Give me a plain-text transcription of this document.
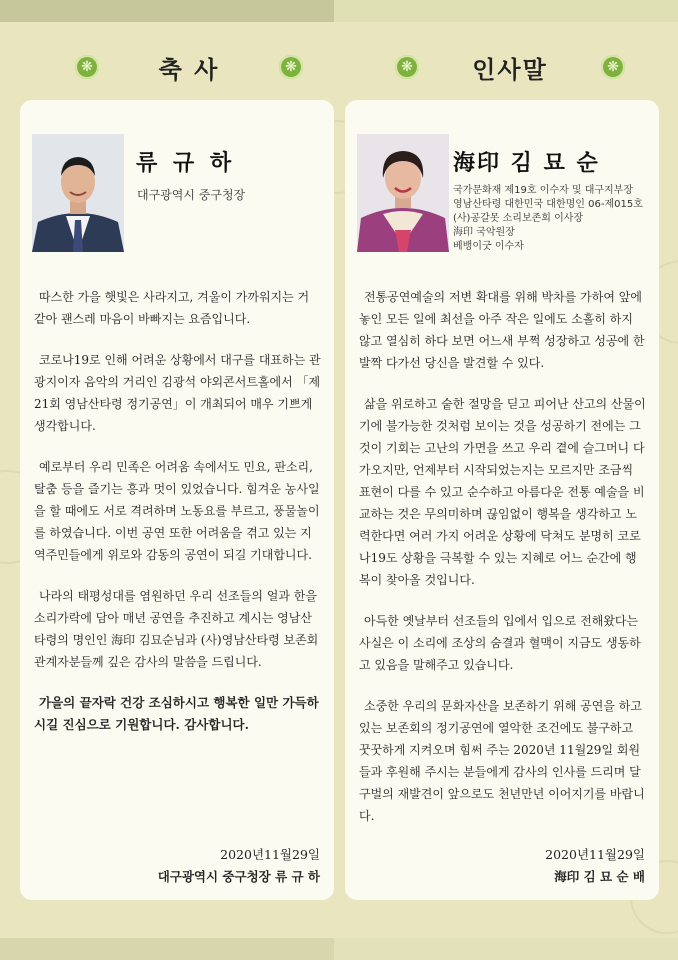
❋	축 사	❋	❋ 인사말	❋
류 규 하
대구광역시 중구청장

따스한 가을 햇빛은 사라지고, 겨울이 가까워지는 거 같아 괜스레 마음이 바빠지는 요즘입니다.

코로나19로 인해 어려운 상황에서 대구를 대표하는 관광지이자 음악의 거리인 김광석 야외콘서트홀에서 「제21회 영남산타령 정기공연」이 개최되어 매우 기쁘게 생각합니다.

예로부터 우리 민족은 어려움 속에서도 민요, 판소리, 탈춤 등을 즐기는 흥과 멋이 있었습니다. 힘겨운 농사일을 할 때에도 서로 격려하며 노동요를 부르고, 풍물놀이를 하였습니다. 이번 공연 또한 어려움을 겪고 있는 지역주민들에게 위로와 감동의 공연이 되길 기대합니다.

나라의 태평성대를 염원하던 우리 선조들의 얼과 한을 소리가락에 담아 매년 공연을 추진하고 계시는 영남산타령의 명인인 海印 김묘순님과 (사)영남산타령 보존회 관계자분들께 깊은 감사의 말씀을 드립니다.

가을의 끝자락 건강 조심하시고 행복한 일만 가득하시길 진심으로 기원합니다. 감사합니다.

2020년11월29일
대구광역시 중구청장 류 규 하
海印 김 묘 순
국가문화재 제19호 이수자 및 대구지부장
영남산타령 대한민국 대한명인 06-제015호
(사)공갈못 소리보존회 이사장
海印 국악원장
베뱅이굿 이수자

전통공연예술의 저변 확대를 위해 박차를 가하여 앞에 놓인 모든 일에 최선을 아주 작은 일에도 소홀히 하지 않고 열심히 하다 보면 어느새 부쩍 성장하고 성공에 한 발짝 다가선 당신을 발견할 수 있다.

삶을 위로하고 숱한 절망을 딛고 피어난 산고의 산물이기에 불가능한 것처럼 보이는 것을 성공하기 전에는 그것이 기회는 고난의 가면을 쓰고 우리 곁에 슬그머니 다가오지만, 언제부터 시작되었는지는 모르지만 조금씩 표현이 다를 수 있고 순수하고 아름다운 전통 예술을 비교하는 것은 무의미하며 끊임없이 행복을 생각하고 노력한다면 여러 가지 어려운 상황에 닥쳐도 분명히 코로나19도 상황을 극복할 수 있는 지혜로 어느 순간에 행복이 찾아올 것입니다.

아득한 옛날부터 선조들의 입에서 입으로 전해왔다는 사실은 이 소리에 조상의 숨결과 혈맥이 지금도 생동하고 있음을 말해주고 있습니다.

소중한 우리의 문화자산을 보존하기 위해 공연을 하고 있는 보존회의 정기공연에 열악한 조건에도 불구하고 꿋꿋하게 지켜오며 힘써 주는 2020년 11월29일 회원들과 후원해 주시는 분들에게 감사의 인사를 드리며 달구벌의 재발견이 앞으로도 천년만년 이어지기를 바랍니다.

2020년11월29일
海印 김 묘 순 배
